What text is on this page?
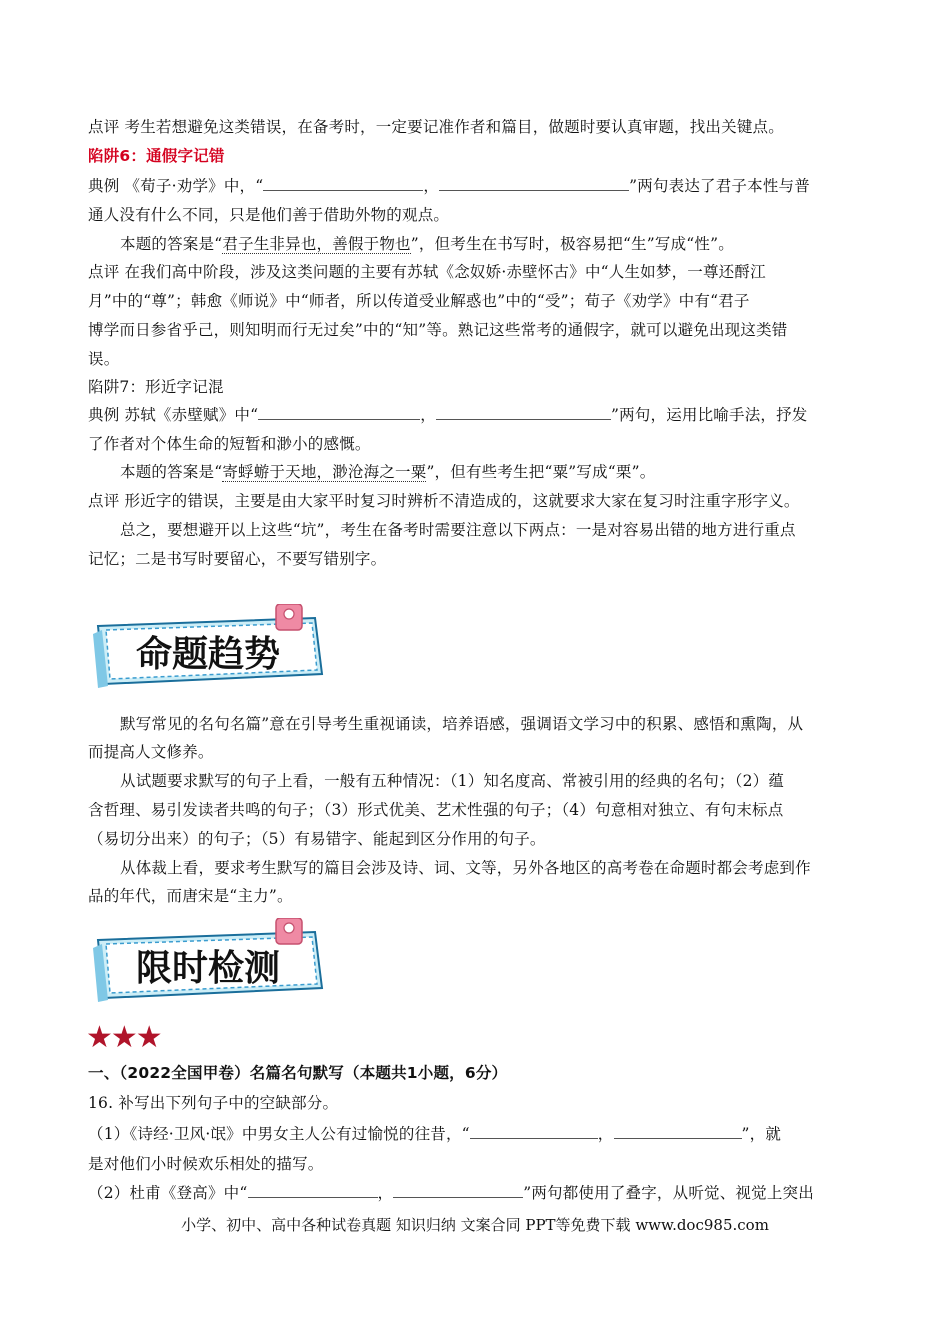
点评 考生若想避免这类错误，在备考时，一定要记准作者和篇目，做题时要认真审题，找出关键点。
陷阱6：通假字记错
典例 《荀子·劝学》中，“	，	”两句表达了君子本性与普
通人没有什么不同，只是他们善于借助外物的观点。
本题的答案是“君子生非异也，善假于物也”，但考生在书写时，极容易把“生”写成“性”。
点评 在我们高中阶段，涉及这类问题的主要有苏轼《念奴娇·赤壁怀古》中“人生如梦，一尊还酹江
月”中的“尊”；韩愈《师说》中“师者，所以传道受业解惑也”中的“受”；荀子《劝学》中有“君子
博学而日参省乎己，则知明而行无过矣”中的“知”等。熟记这些常考的通假字，就可以避免出现这类错
误。
陷阱7：形近字记混
典例 苏轼《赤壁赋》中“	，	”两句，运用比喻手法，抒发
了作者对个体生命的短暂和渺小的感慨。
本题的答案是“寄蜉蝣于天地，渺沧海之一粟”，但有些考生把“粟”写成“栗”。
点评 形近字的错误，主要是由大家平时复习时辨析不清造成的，这就要求大家在复习时注重字形字义。
总之，要想避开以上这些“坑”，考生在备考时需要注意以下两点：一是对容易出错的地方进行重点
记忆；二是书写时要留心，不要写错别字。
命题趋势
默写常见的名句名篇”意在引导考生重视诵读，培养语感，强调语文学习中的积累、感悟和熏陶，从
而提高人文修养。
从试题要求默写的句子上看，一般有五种情况：（1）知名度高、常被引用的经典的名句；（2）蕴
含哲理、易引发读者共鸣的句子；（3）形式优美、艺术性强的句子；（4）句意相对独立、有句末标点
（易切分出来）的句子；（5）有易错字、能起到区分作用的句子。
从体裁上看，要求考生默写的篇目会涉及诗、词、文等，另外各地区的高考卷在命题时都会考虑到作
品的年代，而唐宋是“主力”。
限时检测
★★★
一、（2022全国甲卷）名篇名句默写（本题共1小题，6分）
16. 补写出下列句子中的空缺部分。
（1）《诗经·卫风·氓》中男女主人公有过愉悦的往昔，“	，	”，就
是对他们小时候欢乐相处的描写。
（2）杜甫《登高》中“	，	”两句都使用了叠字，从听觉、视觉上突出
小学、初中、高中各种试卷真题 知识归纳 文案合同 PPT等免费下载 www.doc985.com
